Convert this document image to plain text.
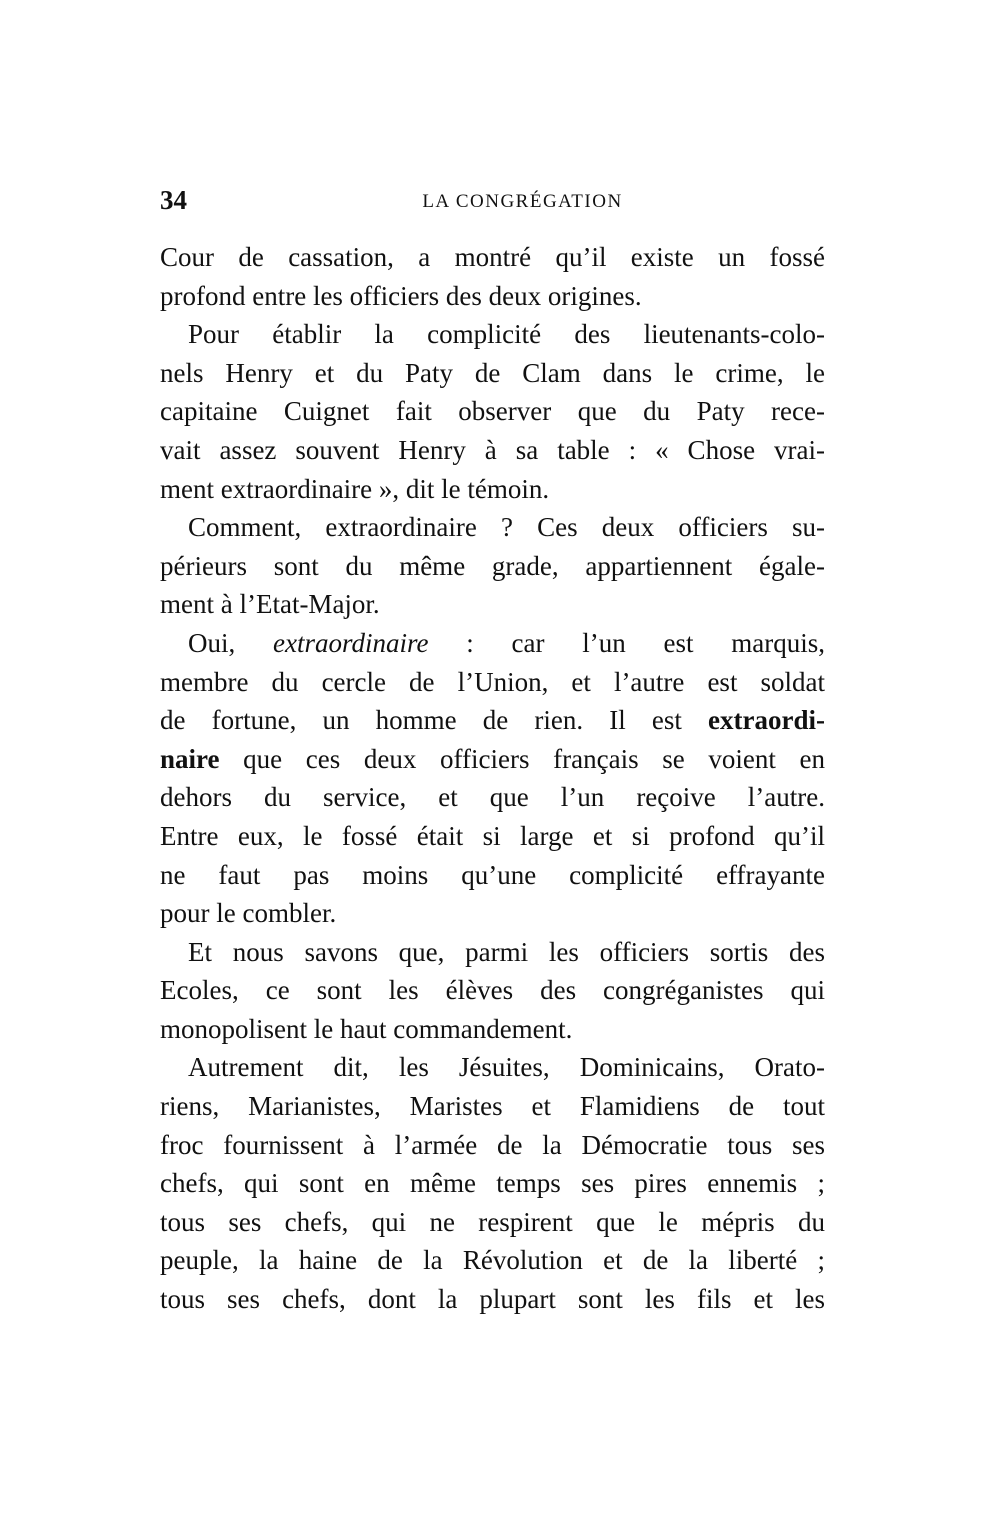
34	LA CONGRÉGATION
Cour de cassation, a montré qu’il existe un fossé
profond entre les officiers des deux origines.
Pour établir la complicité des lieutenants-colo-
nels Henry et du Paty de Clam dans le crime, le
capitaine Cuignet fait observer que du Paty rece-
vait assez souvent Henry à sa table : « Chose vrai-
ment extraordinaire », dit le témoin.
Comment, extraordinaire ? Ces deux officiers su-
périeurs sont du même grade, appartiennent égale-
ment à l’Etat-Major.
Oui, extraordinaire : car l’un est marquis,
membre du cercle de l’Union, et l’autre est soldat
de fortune, un homme de rien. Il est extraordi-
naire que ces deux officiers français se voient en
dehors du service, et que l’un reçoive l’autre.
Entre eux, le fossé était si large et si profond qu’il
ne faut pas moins qu’une complicité effrayante
pour le combler.
Et nous savons que, parmi les officiers sortis des
Ecoles, ce sont les élèves des congréganistes qui
monopolisent le haut commandement.
Autrement dit, les Jésuites, Dominicains, Orato-
riens, Marianistes, Maristes et Flamidiens de tout
froc fournissent à l’armée de la Démocratie tous ses
chefs, qui sont en même temps ses pires ennemis ;
tous ses chefs, qui ne respirent que le mépris du
peuple, la haine de la Révolution et de la liberté ;
tous ses chefs, dont la plupart sont les fils et les
